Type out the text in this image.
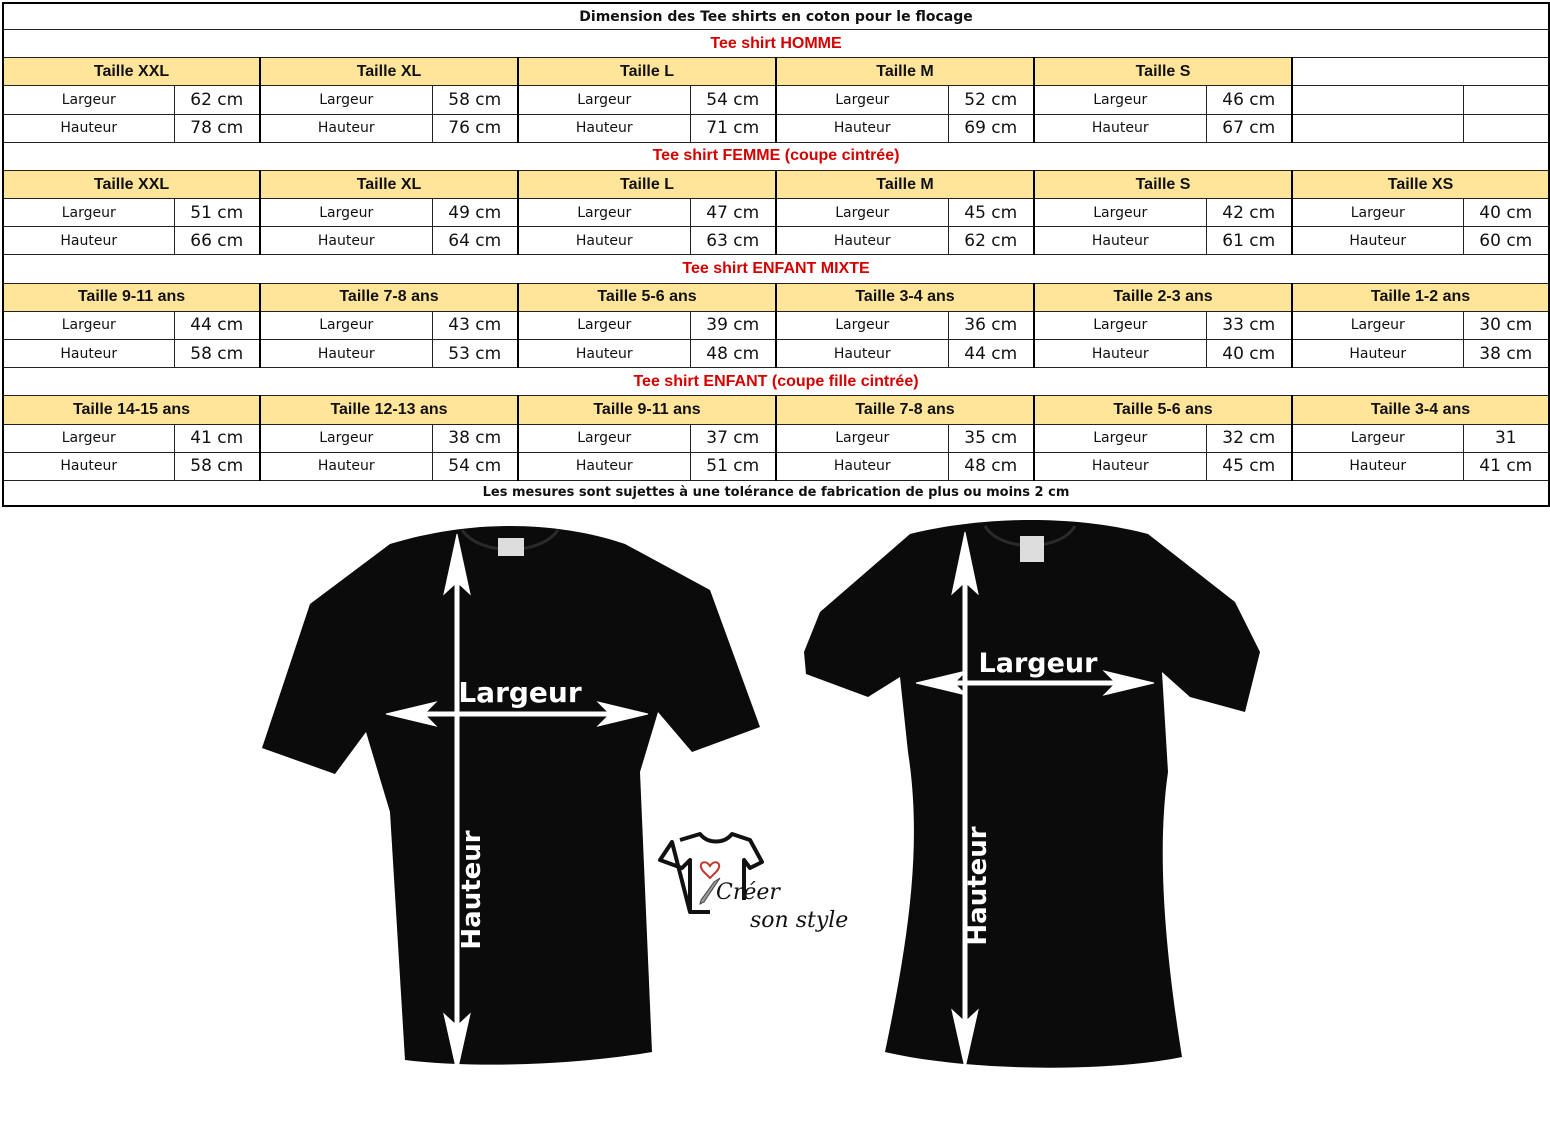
Dimension des Tee shirts en coton pour le flocage											
Tee shirt HOMME											
Taille XXL		Taille XL		Taille L		Taille M		Taille S			
Largeur	62 cm	Largeur	58 cm	Largeur	54 cm	Largeur	52 cm	Largeur	46 cm		
Hauteur	78 cm	Hauteur	76 cm	Hauteur	71 cm	Hauteur	69 cm	Hauteur	67 cm		
Tee shirt FEMME (coupe cintrée)											
Taille XXL		Taille XL		Taille L		Taille M		Taille S		Taille XS	
Largeur	51 cm	Largeur	49 cm	Largeur	47 cm	Largeur	45 cm	Largeur	42 cm	Largeur	40 cm
Hauteur	66 cm	Hauteur	64 cm	Hauteur	63 cm	Hauteur	62 cm	Hauteur	61 cm	Hauteur	60 cm
Tee shirt ENFANT MIXTE											
Taille 9-11 ans		Taille 7-8 ans		Taille 5-6 ans		Taille 3-4 ans		Taille 2-3 ans		Taille 1-2 ans	
Largeur	44 cm	Largeur	43 cm	Largeur	39 cm	Largeur	36 cm	Largeur	33 cm	Largeur	30 cm
Hauteur	58 cm	Hauteur	53 cm	Hauteur	48 cm	Hauteur	44 cm	Hauteur	40 cm	Hauteur	38 cm
Tee shirt ENFANT (coupe fille cintrée)											
Taille 14-15 ans		Taille 12-13 ans		Taille 9-11 ans		Taille 7-8 ans		Taille 5-6 ans		Taille 3-4 ans	
Largeur	41 cm	Largeur	38 cm	Largeur	37 cm	Largeur	35 cm	Largeur	32 cm	Largeur	31
Hauteur	58 cm	Hauteur	54 cm	Hauteur	51 cm	Hauteur	48 cm	Hauteur	45 cm	Hauteur	41 cm
Les mesures sont sujettes à une tolérance de fabrication de plus ou moins 2 cm											
Largeur
Hauteur
Largeur
Hauteur
Créer
son style
